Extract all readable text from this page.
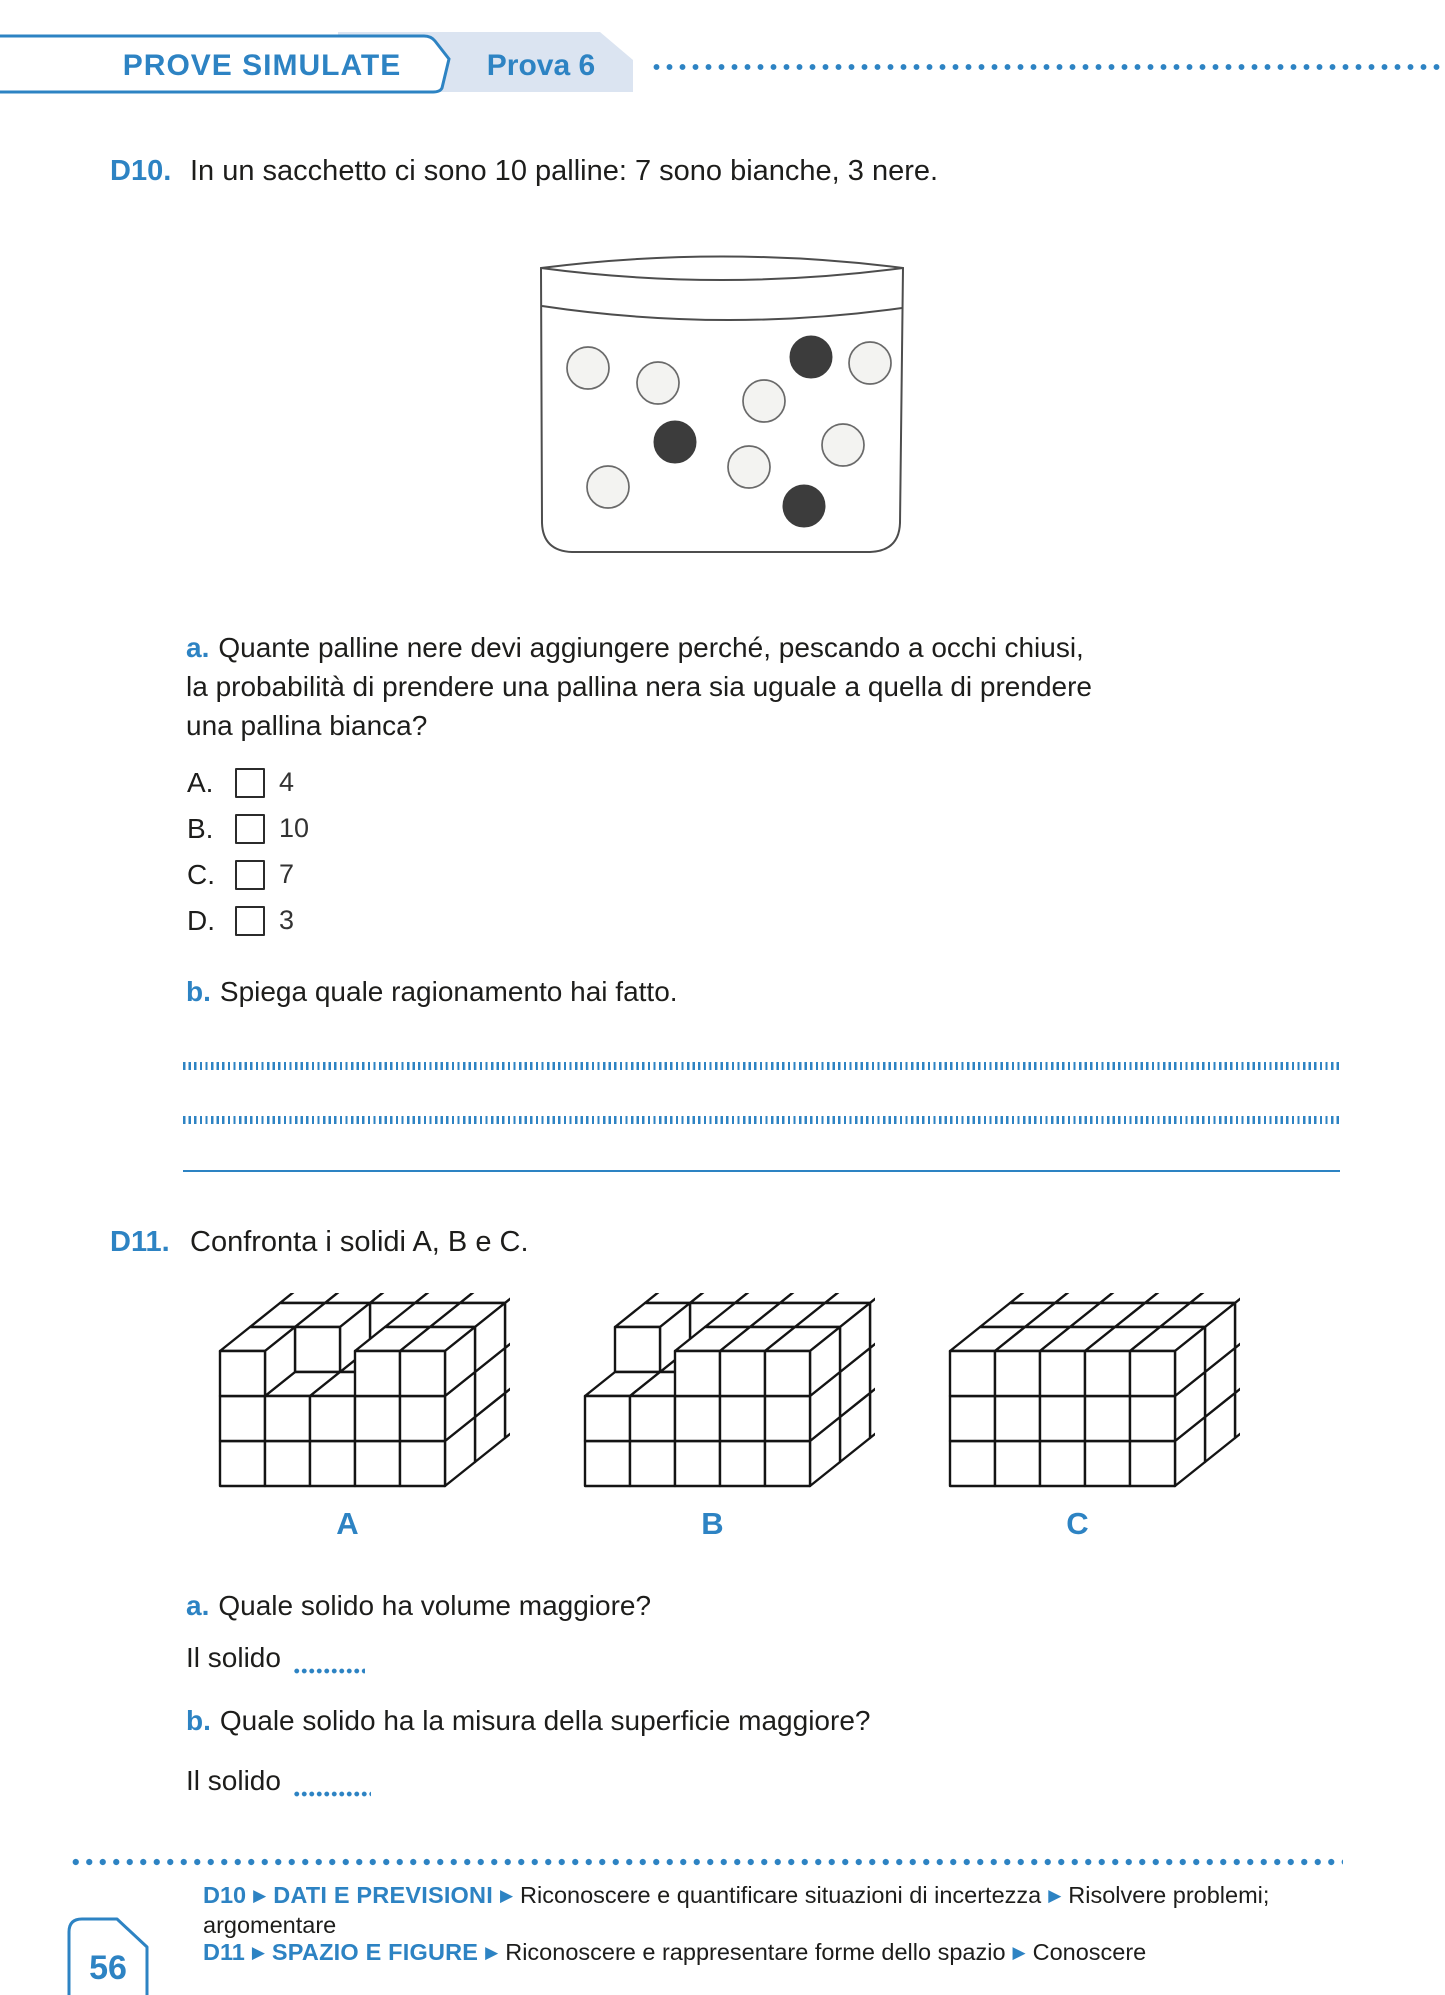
PROVE SIMULATE	Prova 6
D10. In un sacchetto ci sono 10 palline: 7 sono bianche, 3 nere.
a. Quante palline nere devi aggiungere perché, pescando a occhi chiusi,
la probabilità di prendere una pallina nera sia uguale a quella di prendere
una pallina bianca?
A.	4
B.	10
C.	7
D.	3
b. Spiega quale ragionamento hai fatto.
D11. Confronta i solidi A, B e C.
A	B	C
a. Quale solido ha volume maggiore?
Il solido
b. Quale solido ha la misura della superficie maggiore?
Il solido
D10 ▶ DATI E PREVISIONI ▶ Riconoscere e quantificare situazioni di incertezza ▶ Risolvere problemi; argomentare
D11 ▶ SPAZIO E FIGURE ▶ Riconoscere e rappresentare forme dello spazio ▶ Conoscere
56
